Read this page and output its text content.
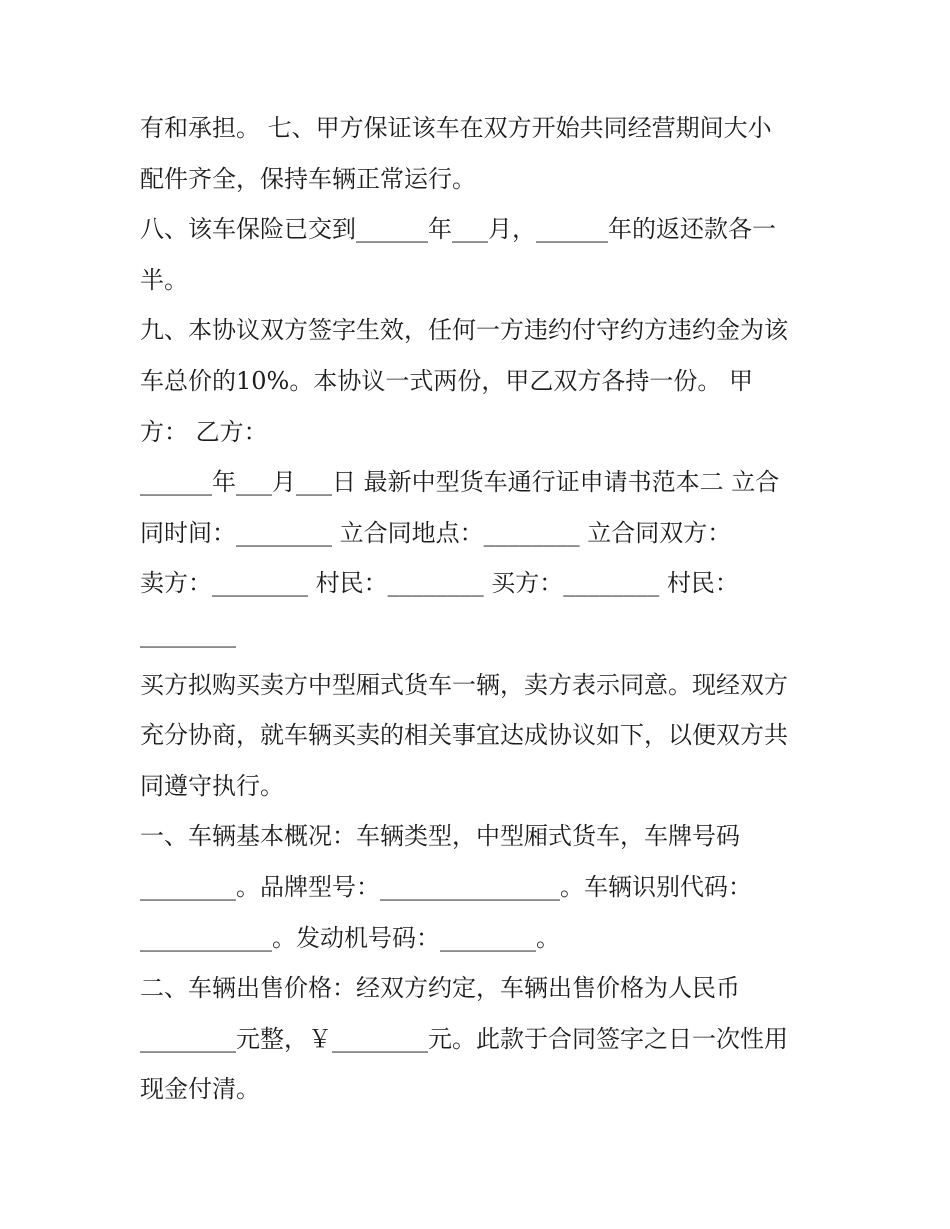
有和承担。 七、甲方保证该车在双方开始共同经营期间大小
配件齐全，保持车辆正常运行。
八、该车保险已交到______年___月，______年的返还款各一
半。
九、本协议双方签字生效，任何一方违约付守约方违约金为该
车总价的10%。本协议一式两份，甲乙双方各持一份。 甲
方： 乙方：
______年___月___日 最新中型货车通行证申请书范本二 立合
同时间：________ 立合同地点：________ 立合同双方：
卖方：________ 村民：________ 买方：________ 村民：
________
买方拟购买卖方中型厢式货车一辆，卖方表示同意。现经双方
充分协商，就车辆买卖的相关事宜达成协议如下，以便双方共
同遵守执行。
一、车辆基本概况：车辆类型，中型厢式货车，车牌号码
________。品牌型号：_______________。车辆识别代码：
___________。发动机号码：________。
二、车辆出售价格：经双方约定，车辆出售价格为人民币
________元整，￥________元。此款于合同签字之日一次性用
现金付清。
